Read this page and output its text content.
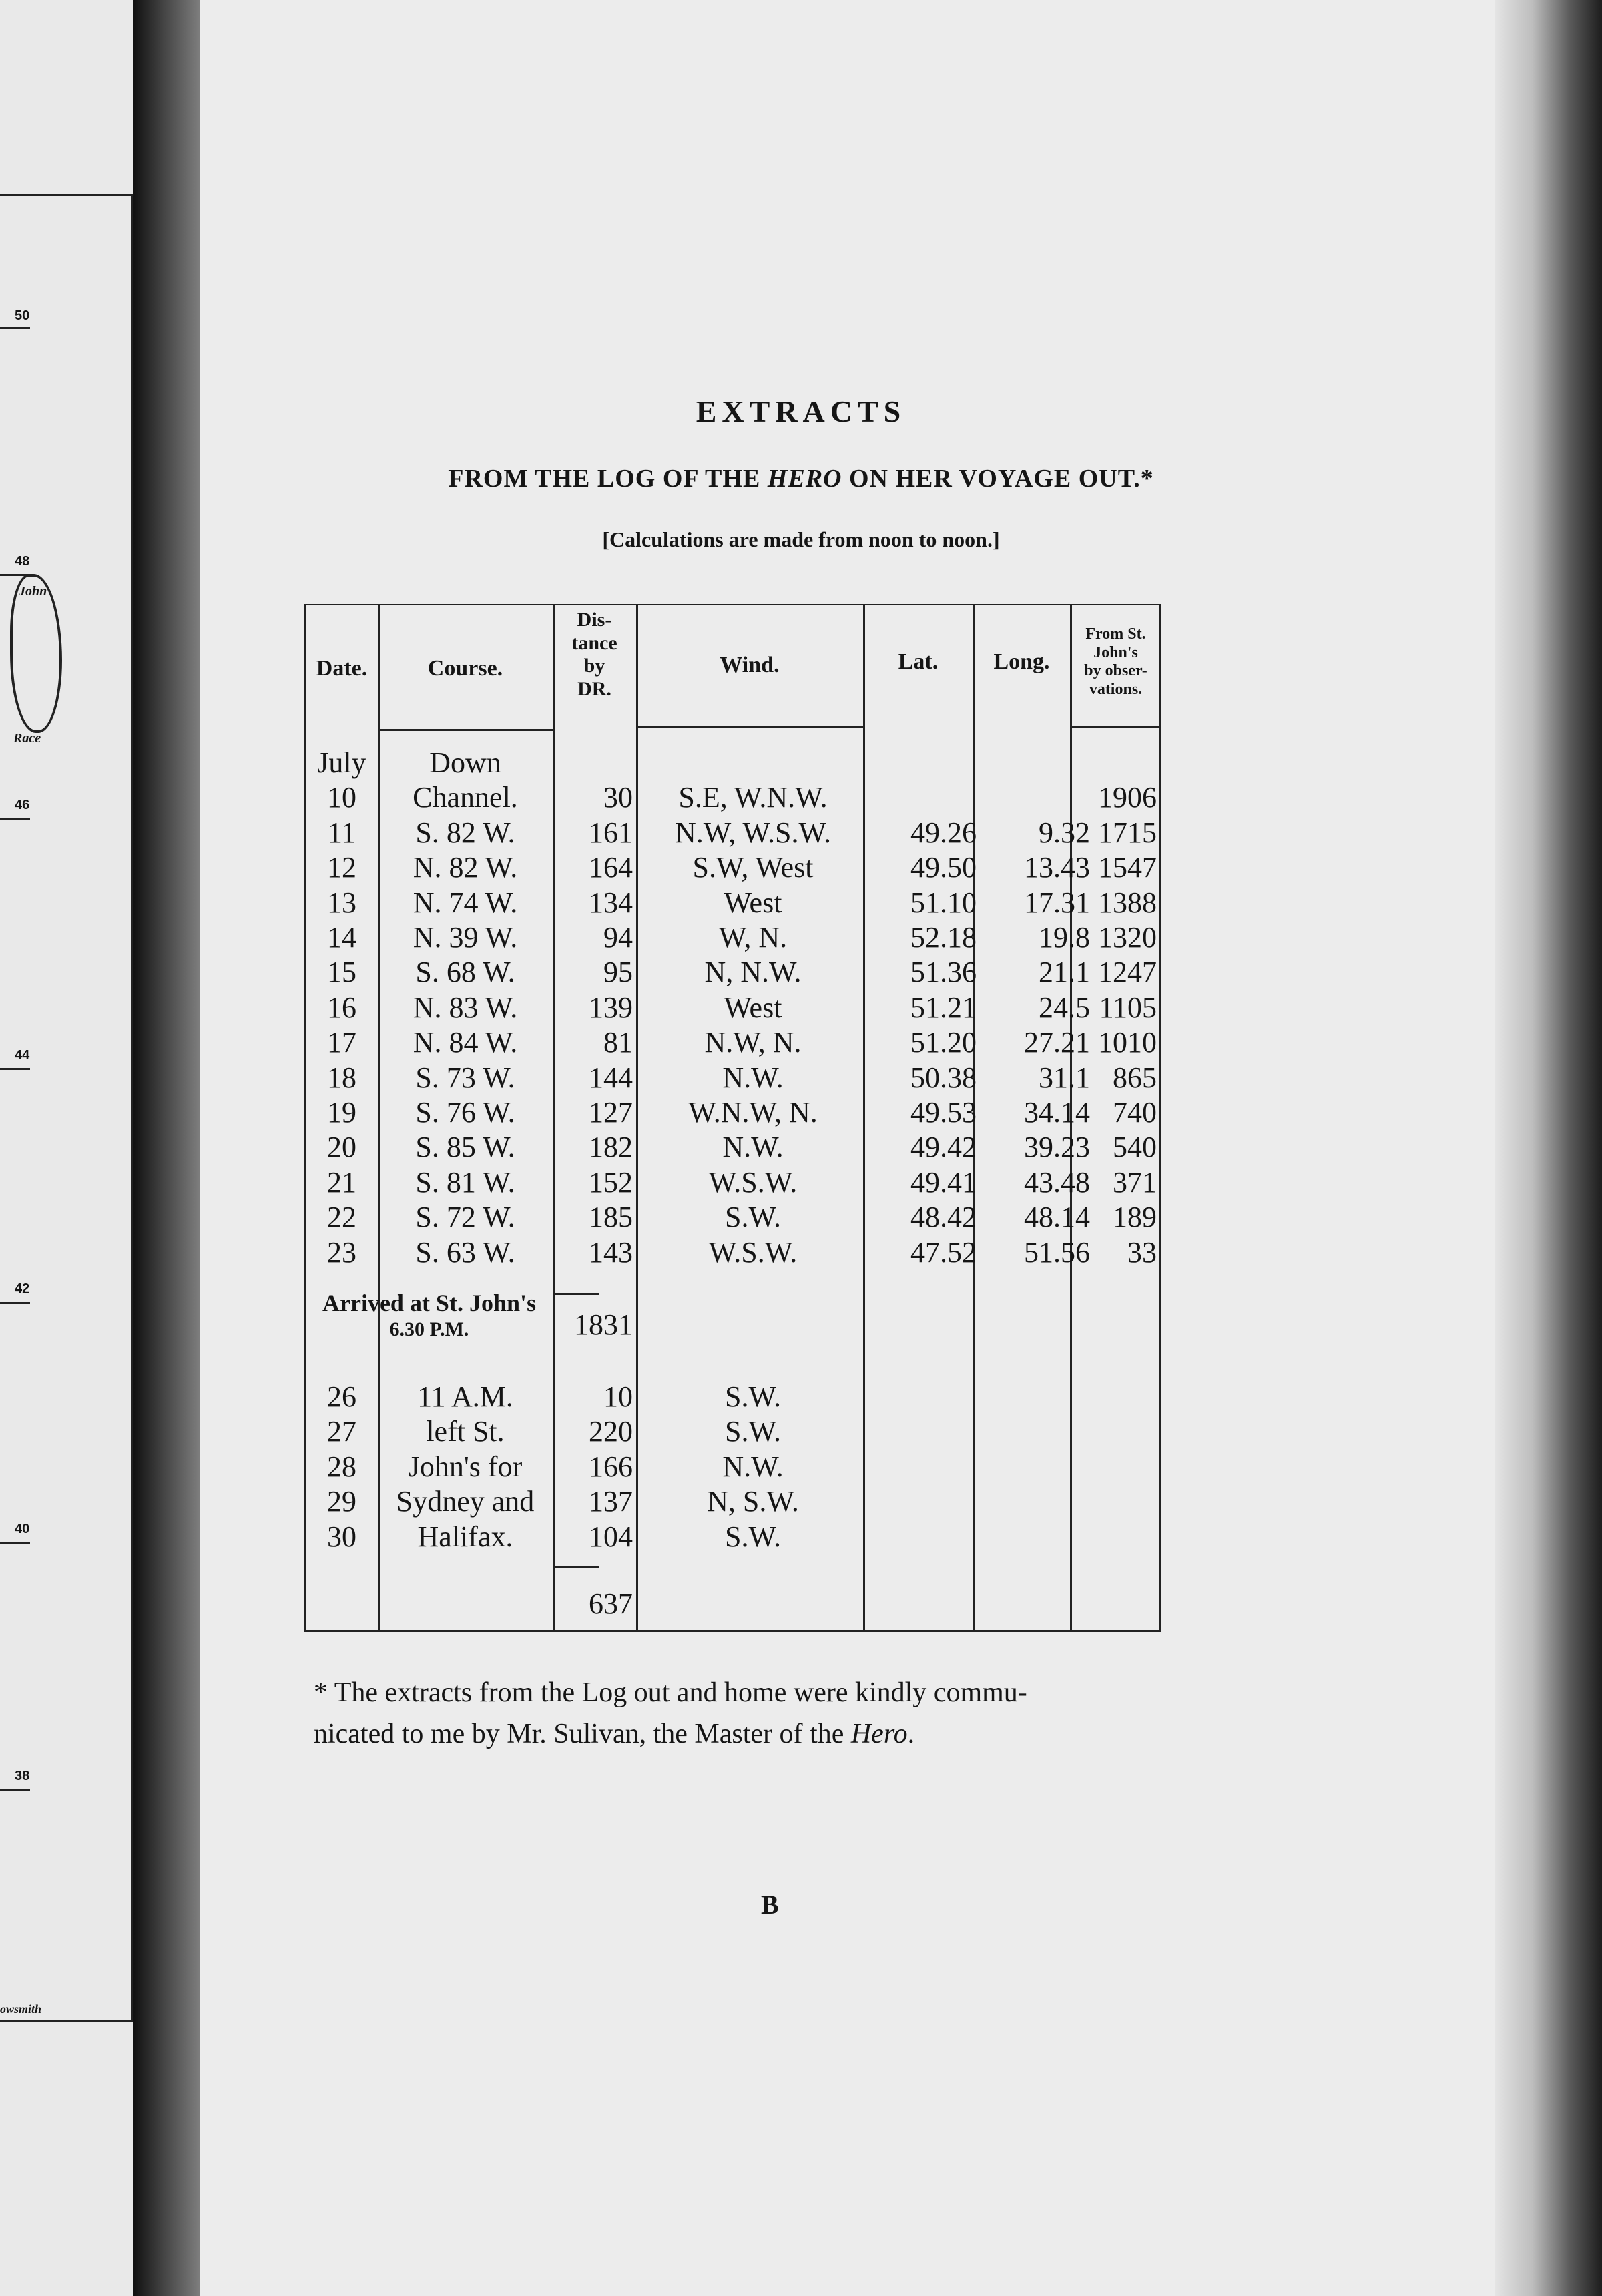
50
48
46
44
42
40
38
John
Race
owsmith
EXTRACTS
FROM THE LOG OF THE HERO ON HER VOYAGE OUT.*
[Calculations are made from noon to noon.]
Date.	Course.
Dis-
tance
by
DR.
Wind.	Lat.	Long.
From St.
John's
by obser-
vations.
July	Down
10	Channel.	30	S.E, W.N.W.	1906
11	S. 82 W.	161	N.W, W.S.W.	49.26	9.32 1715
12	N. 82 W.	164	S.W, West	49.50	13.43 1547
13	N. 74 W.	134	West	51.10	17.31 1388
14	N. 39 W.	94	W, N.	52.18	19.8 1320
15	S. 68 W.	95	N, N.W.	51.36	21.1 1247
16	N. 83 W.	139	West	51.21	24.5 1105
17	N. 84 W.	81	N.W, N.	51.20	27.21 1010
18	S. 73 W.	144	N.W.	50.38	31.1 865
19	S. 76 W.	127	W.N.W, N.	49.53	34.14 740
20	S. 85 W.	182	N.W.	49.42	39.23 540
21	S. 81 W.	152	W.S.W.	49.41	43.48 371
22	S. 72 W.	185	S.W.	48.42	48.14 189
23	S. 63 W.	143	W.S.W.	47.52	51.56	33
Arrived at St. John's
6.30 P.M.	1831
26	11 A.M.	10	S.W.
27	left St.	220	S.W.
28	John's for	166	N.W.
29	Sydney and	137	N, S.W.
30	Halifax.	104	S.W.
637
* The extracts from the Log out and home were kindly commu-
nicated to me by Mr. Sulivan, the Master of the Hero.
B
